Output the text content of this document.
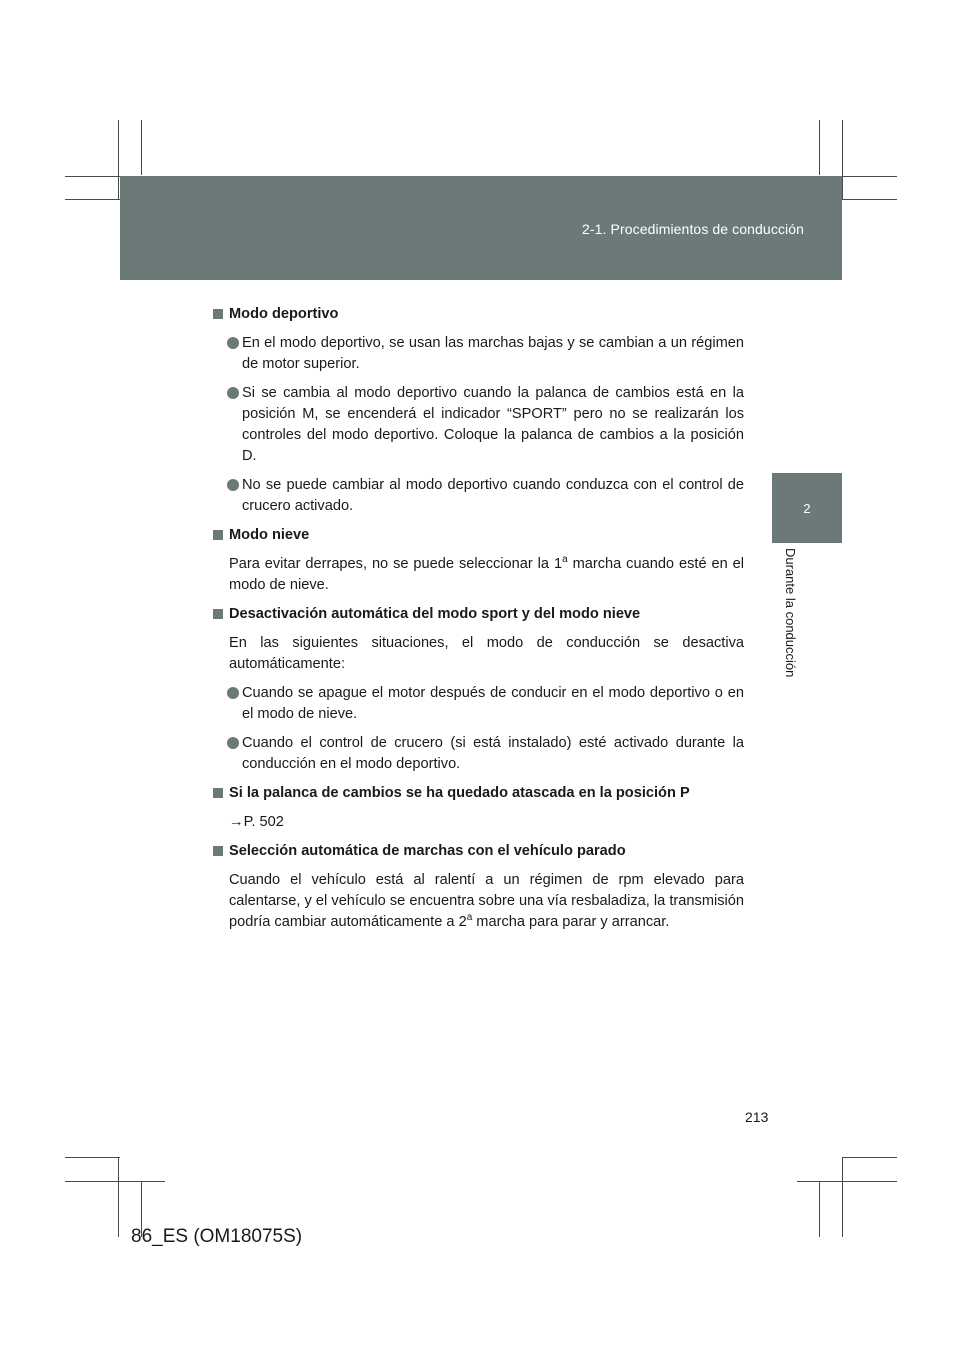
2-1. Procedimientos de conducción
2
Durante la conducción
Modo deportivo
En el modo deportivo, se usan las marchas bajas y se cambian a un régimen de motor superior.
Si se cambia al modo deportivo cuando la palanca de cambios está en la posición M, se encenderá el indicador “SPORT” pero no se realizarán los controles del modo deportivo. Coloque la palanca de cambios a la posición D.
No se puede cambiar al modo deportivo cuando conduzca con el control de crucero activado.
Modo nieve
Para evitar derrapes, no se puede seleccionar la 1$^a$ marcha cuando esté en el modo de nieve.
Desactivación automática del modo sport y del modo nieve
En las siguientes situaciones, el modo de conducción se desactiva automáticamente:
Cuando se apague el motor después de conducir en el modo deportivo o en el modo de nieve.
Cuando el control de crucero (si está instalado) esté activado durante la conducción en el modo deportivo.
Si la palanca de cambios se ha quedado atascada en la posición P
→P. 502
Selección automática de marchas con el vehículo parado
Cuando el vehículo está al ralentí a un régimen de rpm elevado para calentarse, y el vehículo se encuentra sobre una vía resbaladiza, la transmisión podría cambiar automáticamente a 2$^a$ marcha para parar y arrancar.
213
86_ES (OM18075S)
